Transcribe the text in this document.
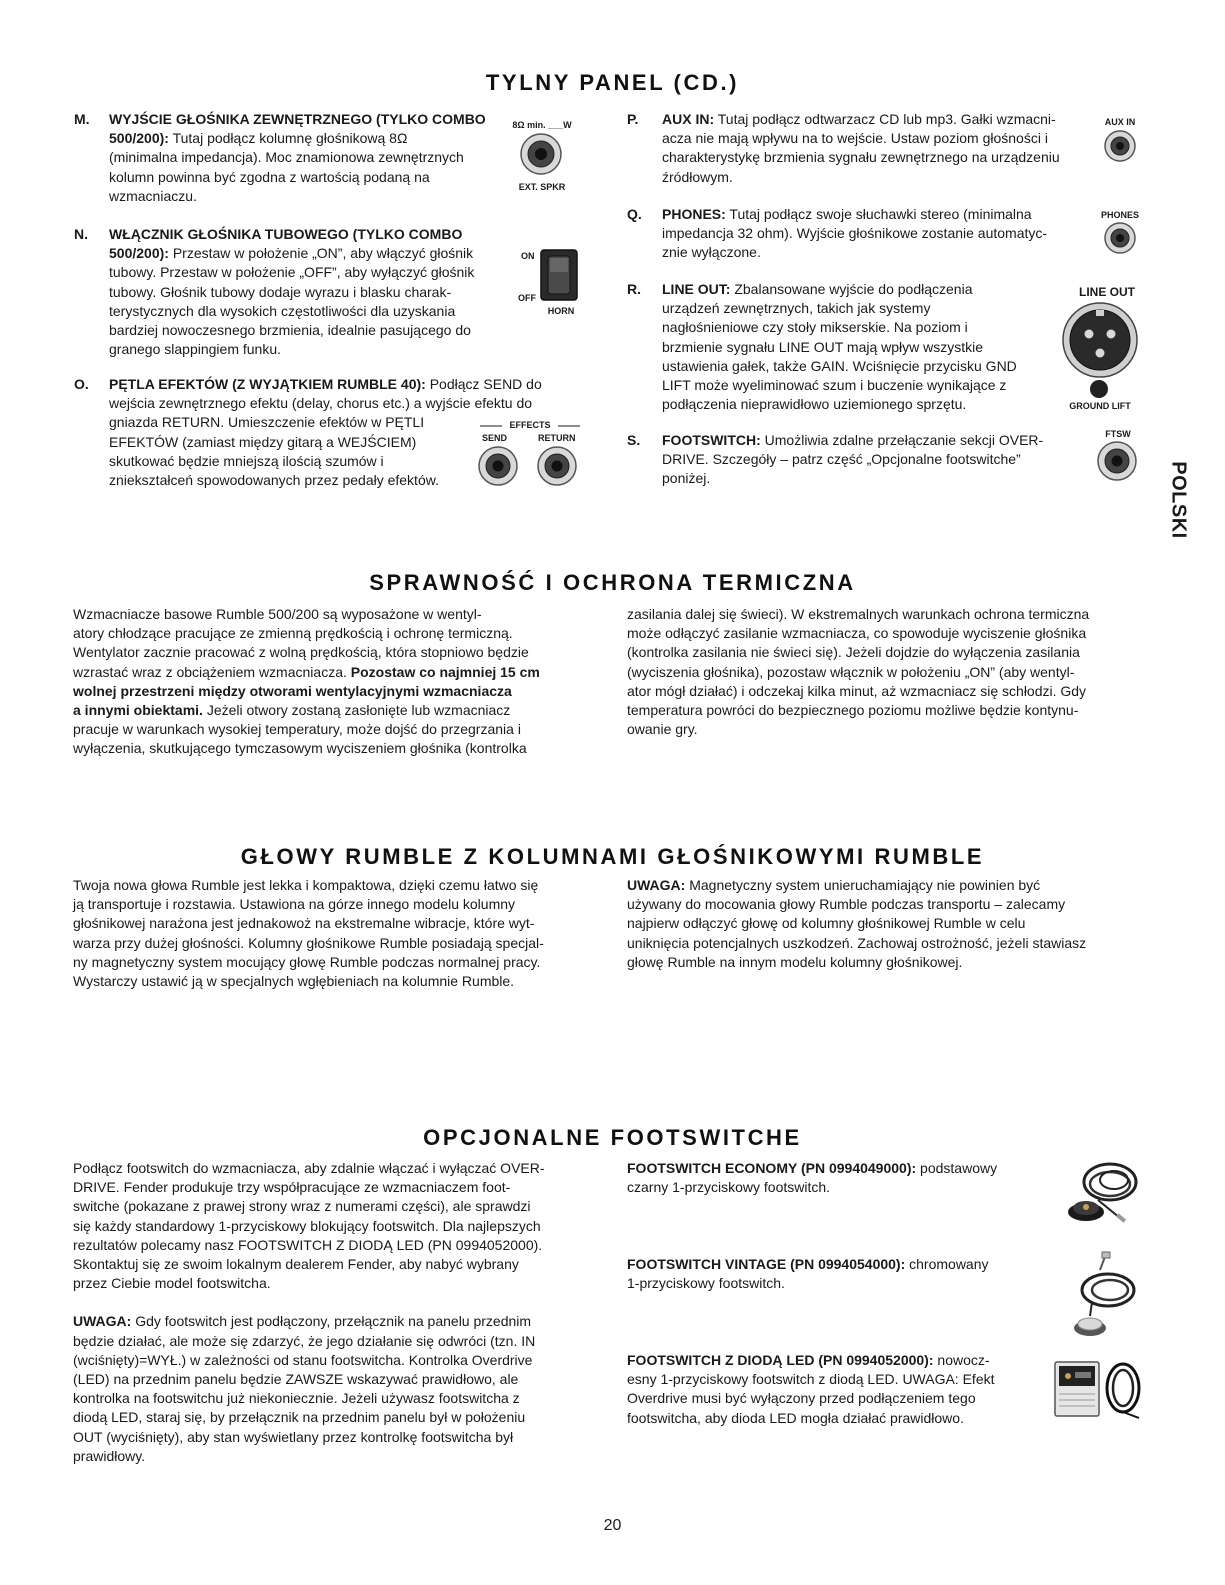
TYLNY PANEL (CD.)
M. WYJŚCIE GŁOŚNIKA ZEWNĘTRZNEGO (TYLKO COMBO
500/200): Tutaj podłącz kolumnę głośnikową 8Ω
(minimalna impedancja). Moc znamionowa zewnętrznych
kolumn powinna być zgodna z wartością podaną na
wzmacniaczu.
8Ω min. ___W
EXT. SPKR
N. WŁĄCZNIK GŁOŚNIKA TUBOWEGO (TYLKO COMBO
500/200): Przestaw w położenie „ON”, aby włączyć głośnik
tubowy. Przestaw w położenie „OFF”, aby wyłączyć głośnik
tubowy. Głośnik tubowy dodaje wyrazu i blasku charak-
terystycznych dla wysokich częstotliwości dla uzyskania
bardziej nowoczesnego brzmienia, idealnie pasującego do
granego slappingiem funku.
ON
OFF
HORN
O. PĘTLA EFEKTÓW (Z WYJĄTKIEM RUMBLE 40): Podłącz SEND do
wejścia zewnętrznego efektu (delay, chorus etc.) a wyjście efektu do
gniazda RETURN. Umieszczenie efektów w PĘTLI
EFEKTÓW (zamiast między gitarą a WEJŚCIEM)
skutkować będzie mniejszą ilością szumów i
zniekształceń spowodowanych przez pedały efektów.
EFFECTS
SEND	RETURN
P. AUX IN: Tutaj podłącz odtwarzacz CD lub mp3. Gałki wzmacni-
acza nie mają wpływu na to wejście. Ustaw poziom głośności i
charakterystykę brzmienia sygnału zewnętrznego na urządzeniu
źródłowym.
AUX IN
Q. PHONES: Tutaj podłącz swoje słuchawki stereo (minimalna
impedancja 32 ohm). Wyjście głośnikowe zostanie automatyc-
znie wyłączone.
PHONES
R. LINE OUT: Zbalansowane wyjście do podłączenia
urządzeń zewnętrznych, takich jak systemy
nagłośnieniowe czy stoły mikserskie. Na poziom i
brzmienie sygnału LINE OUT mają wpływ wszystkie
ustawienia gałek, także GAIN. Wciśnięcie przycisku GND
LIFT może wyeliminować szum i buczenie wynikające z
podłączenia nieprawidłowo uziemionego sprzętu.
LINE OUT
GROUND LIFT
S. FOOTSWITCH: Umożliwia zdalne przełączanie sekcji OVER-
DRIVE. Szczegóły – patrz część „Opcjonalne footswitche”
poniżej.
FTSW
POLSKI
SPRAWNOŚĆ I OCHRONA TERMICZNA
Wzmacniacze basowe Rumble 500/200 są wyposażone w wentyl-
atory chłodzące pracujące ze zmienną prędkością i ochronę termiczną.
Wentylator zacznie pracować z wolną prędkością, która stopniowo będzie
wzrastać wraz z obciążeniem wzmacniacza. Pozostaw co najmniej 15 cm
wolnej przestrzeni między otworami wentylacyjnymi wzmacniacza
a innymi obiektami. Jeżeli otwory zostaną zasłonięte lub wzmacniacz
pracuje w warunkach wysokiej temperatury, może dojść do przegrzania i
wyłączenia, skutkującego tymczasowym wyciszeniem głośnika (kontrolka
zasilania dalej się świeci). W ekstremalnych warunkach ochrona termiczna
może odłączyć zasilanie wzmacniacza, co spowoduje wyciszenie głośnika
(kontrolka zasilania nie świeci się). Jeżeli dojdzie do wyłączenia zasilania
(wyciszenia głośnika), pozostaw włącznik w położeniu „ON” (aby wentyl-
ator mógł działać) i odczekaj kilka minut, aż wzmacniacz się schłodzi. Gdy
temperatura powróci do bezpiecznego poziomu możliwe będzie kontynu-
owanie gry.
GŁOWY RUMBLE Z KOLUMNAMI GŁOŚNIKOWYMI RUMBLE
Twoja nowa głowa Rumble jest lekka i kompaktowa, dzięki czemu łatwo się
ją transportuje i rozstawia. Ustawiona na górze innego modelu kolumny
głośnikowej narażona jest jednakowoż na ekstremalne wibracje, które wyt-
warza przy dużej głośności. Kolumny głośnikowe Rumble posiadają specjal-
ny magnetyczny system mocujący głowę Rumble podczas normalnej pracy.
Wystarczy ustawić ją w specjalnych wgłębieniach na kolumnie Rumble.
UWAGA: Magnetyczny system unieruchamiający nie powinien być
używany do mocowania głowy Rumble podczas transportu – zalecamy
najpierw odłączyć głowę od kolumny głośnikowej Rumble w celu
uniknięcia potencjalnych uszkodzeń. Zachowaj ostrożność, jeżeli stawiasz
głowę Rumble na innym modelu kolumny głośnikowej.
OPCJONALNE FOOTSWITCHE
Podłącz footswitch do wzmacniacza, aby zdalnie włączać i wyłączać OVER-
DRIVE. Fender produkuje trzy współpracujące ze wzmacniaczem foot-
switche (pokazane z prawej strony wraz z numerami części), ale sprawdzi
się każdy standardowy 1-przyciskowy blokujący footswitch. Dla najlepszych
rezultatów polecamy nasz FOOTSWITCH Z DIODĄ LED (PN 0994052000).
Skontaktuj się ze swoim lokalnym dealerem Fender, aby nabyć wybrany
przez Ciebie model footswitcha.
UWAGA: Gdy footswitch jest podłączony, przełącznik na panelu przednim
będzie działać, ale może się zdarzyć, że jego działanie się odwróci (tzn. IN
(wciśnięty)=WYŁ.) w zależności od stanu footswitcha. Kontrolka Overdrive
(LED) na przednim panelu będzie ZAWSZE wskazywać prawidłowo, ale
kontrolka na footswitchu już niekoniecznie. Jeżeli używasz footswitcha z
diodą LED, staraj się, by przełącznik na przednim panelu był w położeniu
OUT (wyciśnięty), aby stan wyświetlany przez kontrolkę footswitcha był
prawidłowy.
FOOTSWITCH ECONOMY (PN 0994049000): podstawowy
czarny 1-przyciskowy footswitch.
FOOTSWITCH VINTAGE (PN 0994054000): chromowany
1-przyciskowy footswitch.
FOOTSWITCH Z DIODĄ LED (PN 0994052000): nowocz-
esny 1-przyciskowy footswitch z diodą LED. UWAGA: Efekt
Overdrive musi być wyłączony przed podłączeniem tego
footswitcha, aby dioda LED mogła działać prawidłowo.
20
